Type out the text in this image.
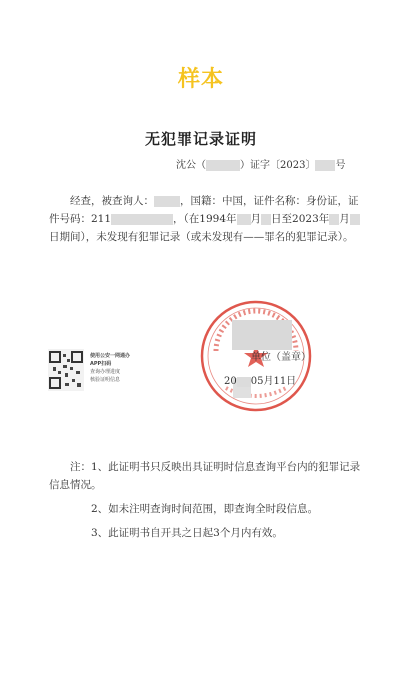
样本
无犯罪记录证明
沈公（	）证字〔2023〕 号
经查，被查询人： ，国籍：中国，证件名称：身份证，证件号码：211	，（在1994年 月 日至2023年 月日期间），未发现有犯罪记录（或未发现有——罪名的犯罪记录）。
单位（盖章）
20 05月11日
使用公安一网通办
APP扫码
查询办理进度
核验证明信息

注：1、此证明书只反映出具证明时信息查询平台内的犯罪记录信息情况。

2、如未注明查询时间范围，即查询全时段信息。

3、此证明书自开具之日起3个月内有效。
